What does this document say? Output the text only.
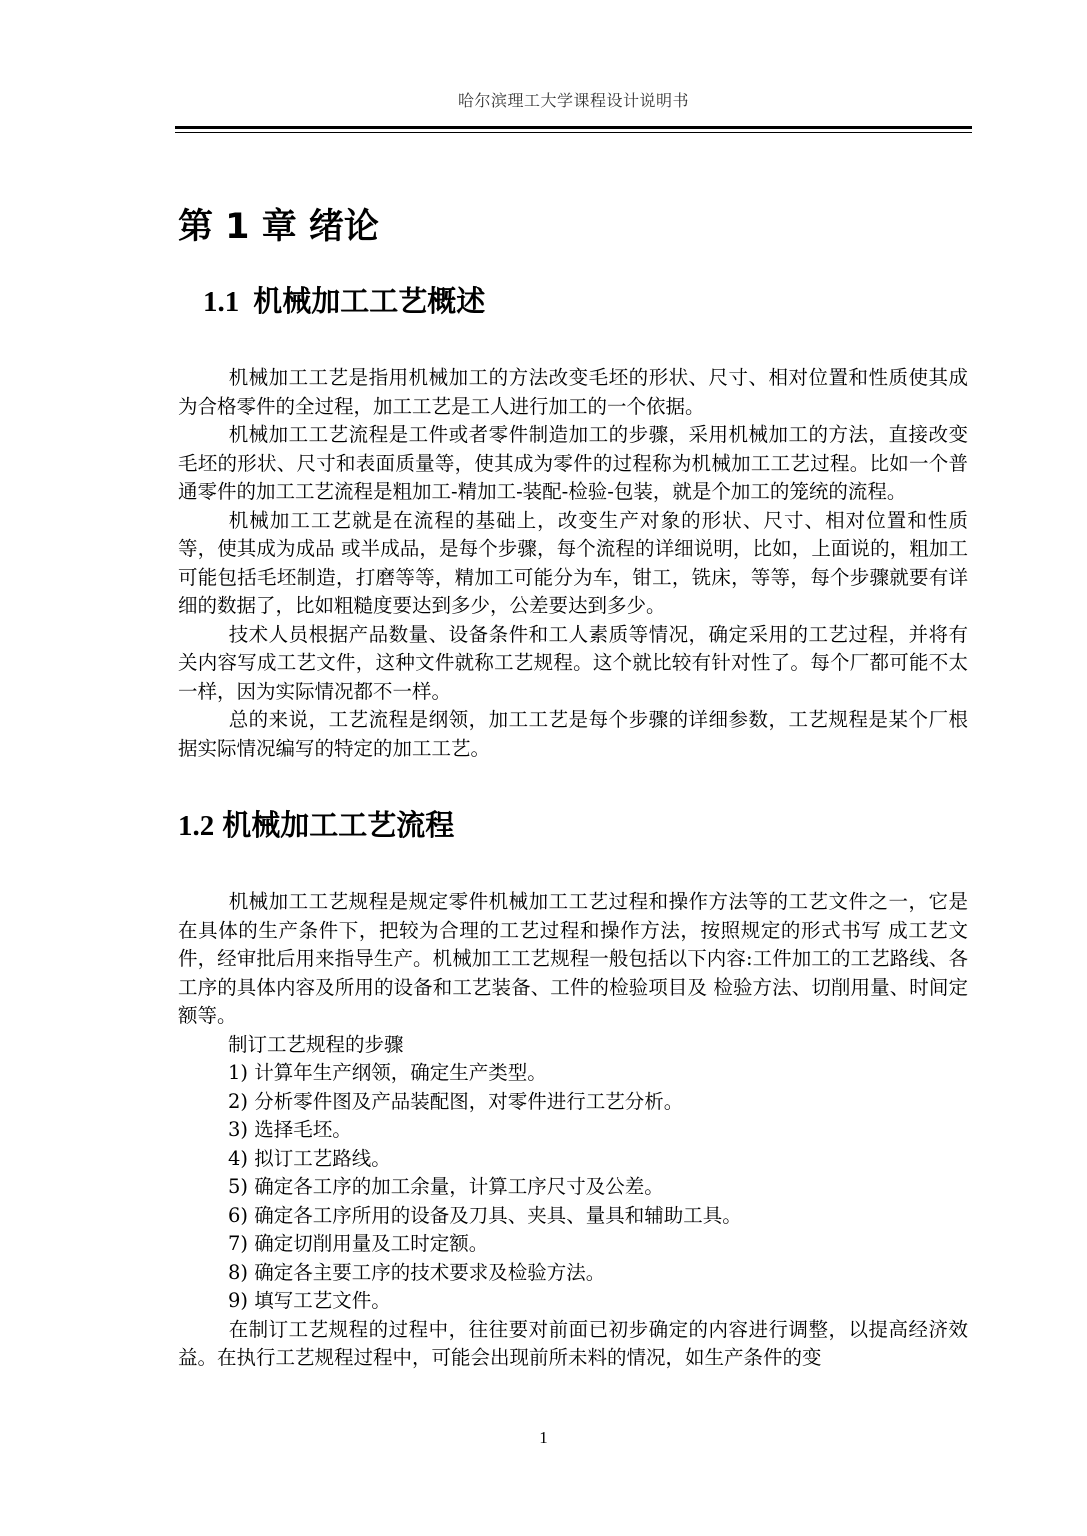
哈尔滨理工大学课程设计说明书
第 1 章 绪论
1.1 机械加工工艺概述

机械加工工艺是指用机械加工的方法改变毛坯的形状、尺寸、相对位置和性质使其成为合格零件的全过程，加工工艺是工人进行加工的一个依据。

机械加工工艺流程是工件或者零件制造加工的步骤，采用机械加工的方法，直接改变毛坯的形状、尺寸和表面质量等，使其成为零件的过程称为机械加工工艺过程。比如一个普通零件的加工工艺流程是粗加工-精加工-装配-检验-包装，就是个加工的笼统的流程。

机械加工工艺就是在流程的基础上，改变生产对象的形状、尺寸、相对位置和性质等，使其成为成品 或半成品，是每个步骤，每个流程的详细说明，比如，上面说的，粗加工可能包括毛坯制造，打磨等等，精加工可能分为车，钳工，铣床，等等，每个步骤就要有详 细的数据了，比如粗糙度要达到多少，公差要达到多少。

技术人员根据产品数量、设备条件和工人素质等情况，确定采用的工艺过程，并将有关内容写成工艺文件，这种文件就称工艺规程。这个就比较有针对性了。每个厂都可能不太一样，因为实际情况都不一样。

总的来说，工艺流程是纲领，加工工艺是每个步骤的详细参数，工艺规程是某个厂根据实际情况编写的特定的加工工艺。

1.2 机械加工工艺流程

机械加工工艺规程是规定零件机械加工工艺过程和操作方法等的工艺文件之一，它是在具体的生产条件下，把较为合理的工艺过程和操作方法，按照规定的形式书写 成工艺文件，经审批后用来指导生产。机械加工工艺规程一般包括以下内容:工件加工的工艺路线、各工序的具体内容及所用的设备和工艺装备、工件的检验项目及 检验方法、切削用量、时间定额等。

制订工艺规程的步骤

1) 计算年生产纲领，确定生产类型。

2) 分析零件图及产品装配图，对零件进行工艺分析。

3) 选择毛坯。

4) 拟订工艺路线。

5) 确定各工序的加工余量，计算工序尺寸及公差。

6) 确定各工序所用的设备及刀具、夹具、量具和辅助工具。

7) 确定切削用量及工时定额。

8) 确定各主要工序的技术要求及检验方法。

9) 填写工艺文件。

在制订工艺规程的过程中，往往要对前面已初步确定的内容进行调整，以提高经济效益。在执行工艺规程过程中，可能会出现前所未料的情况，如生产条件的变

1
